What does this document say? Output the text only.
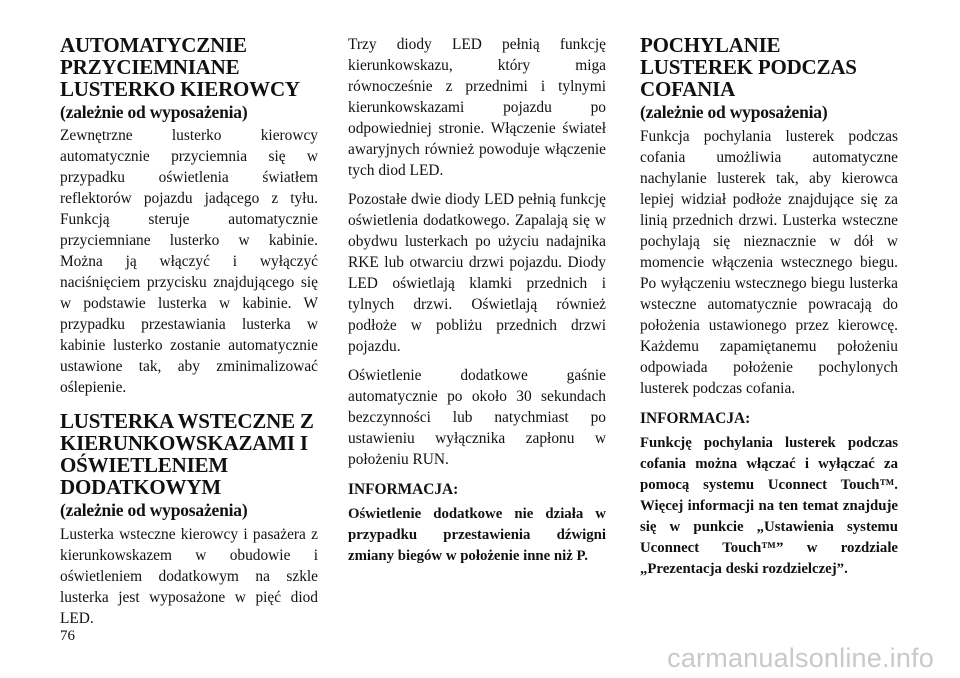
AUTOMATYCZNIE PRZYCIEMNIANE LUSTERKO KIEROWCY
(zależnie od wyposażenia)

Zewnętrzne lusterko kierowcy automatycznie przyciemnia się w przypadku oświetlenia światłem reflektorów pojazdu jadącego z tyłu. Funkcją steruje automatycznie przyciemniane lusterko w kabinie. Można ją włączyć i wyłączyć naciśnięciem przycisku znajdującego się w podstawie lusterka w kabinie. W przypadku przestawiania lusterka w kabinie lusterko zostanie automatycznie ustawione tak, aby zminimalizować oślepienie.

LUSTERKA WSTECZNE Z KIERUNKOWSKAZAMI I OŚWIETLENIEM DODATKOWYM
(zależnie od wyposażenia)

Lusterka wsteczne kierowcy i pasażera z kierunkowskazem w obudowie i oświetleniem dodatkowym na szkle lusterka jest wyposażone w pięć diod LED.

Trzy diody LED pełnią funkcję kierunkowskazu, który miga równocześnie z przednimi i tylnymi kierunkowskazami pojazdu po odpowiedniej stronie. Włączenie świateł awaryjnych również powoduje włączenie tych diod LED.

Pozostałe dwie diody LED pełnią funkcję oświetlenia dodatkowego. Zapalają się w obydwu lusterkach po użyciu nadajnika RKE lub otwarciu drzwi pojazdu. Diody LED oświetlają klamki przednich i tylnych drzwi. Oświetlają również podłoże w pobliżu przednich drzwi pojazdu.

Oświetlenie dodatkowe gaśnie automatycznie po około 30 sekundach bezczynności lub natychmiast po ustawieniu wyłącznika zapłonu w położeniu RUN.

INFORMACJA:

Oświetlenie dodatkowe nie działa w przypadku przestawienia dźwigni zmiany biegów w położenie inne niż P.

POCHYLANIE LUSTEREK PODCZAS COFANIA
(zależnie od wyposażenia)

Funkcja pochylania lusterek podczas cofania umożliwia automatyczne nachylanie lusterek tak, aby kierowca lepiej widział podłoże znajdujące się za linią przednich drzwi. Lusterka wsteczne pochylają się nieznacznie w dół w momencie włączenia wstecznego biegu. Po wyłączeniu wstecznego biegu lusterka wsteczne automatycznie powracają do położenia ustawionego przez kierowcę. Każdemu zapamiętanemu położeniu odpowiada położenie pochylonych lusterek podczas cofania.

INFORMACJA:

Funkcję pochylania lusterek podczas cofania można włączać i wyłączać za pomocą systemu Uconnect Touch™. Więcej informacji na ten temat znajduje się w punkcie „Ustawienia systemu Uconnect Touch™” w rozdziale „Prezentacja deski rozdzielczej”.

76
carmanualsonline.info
